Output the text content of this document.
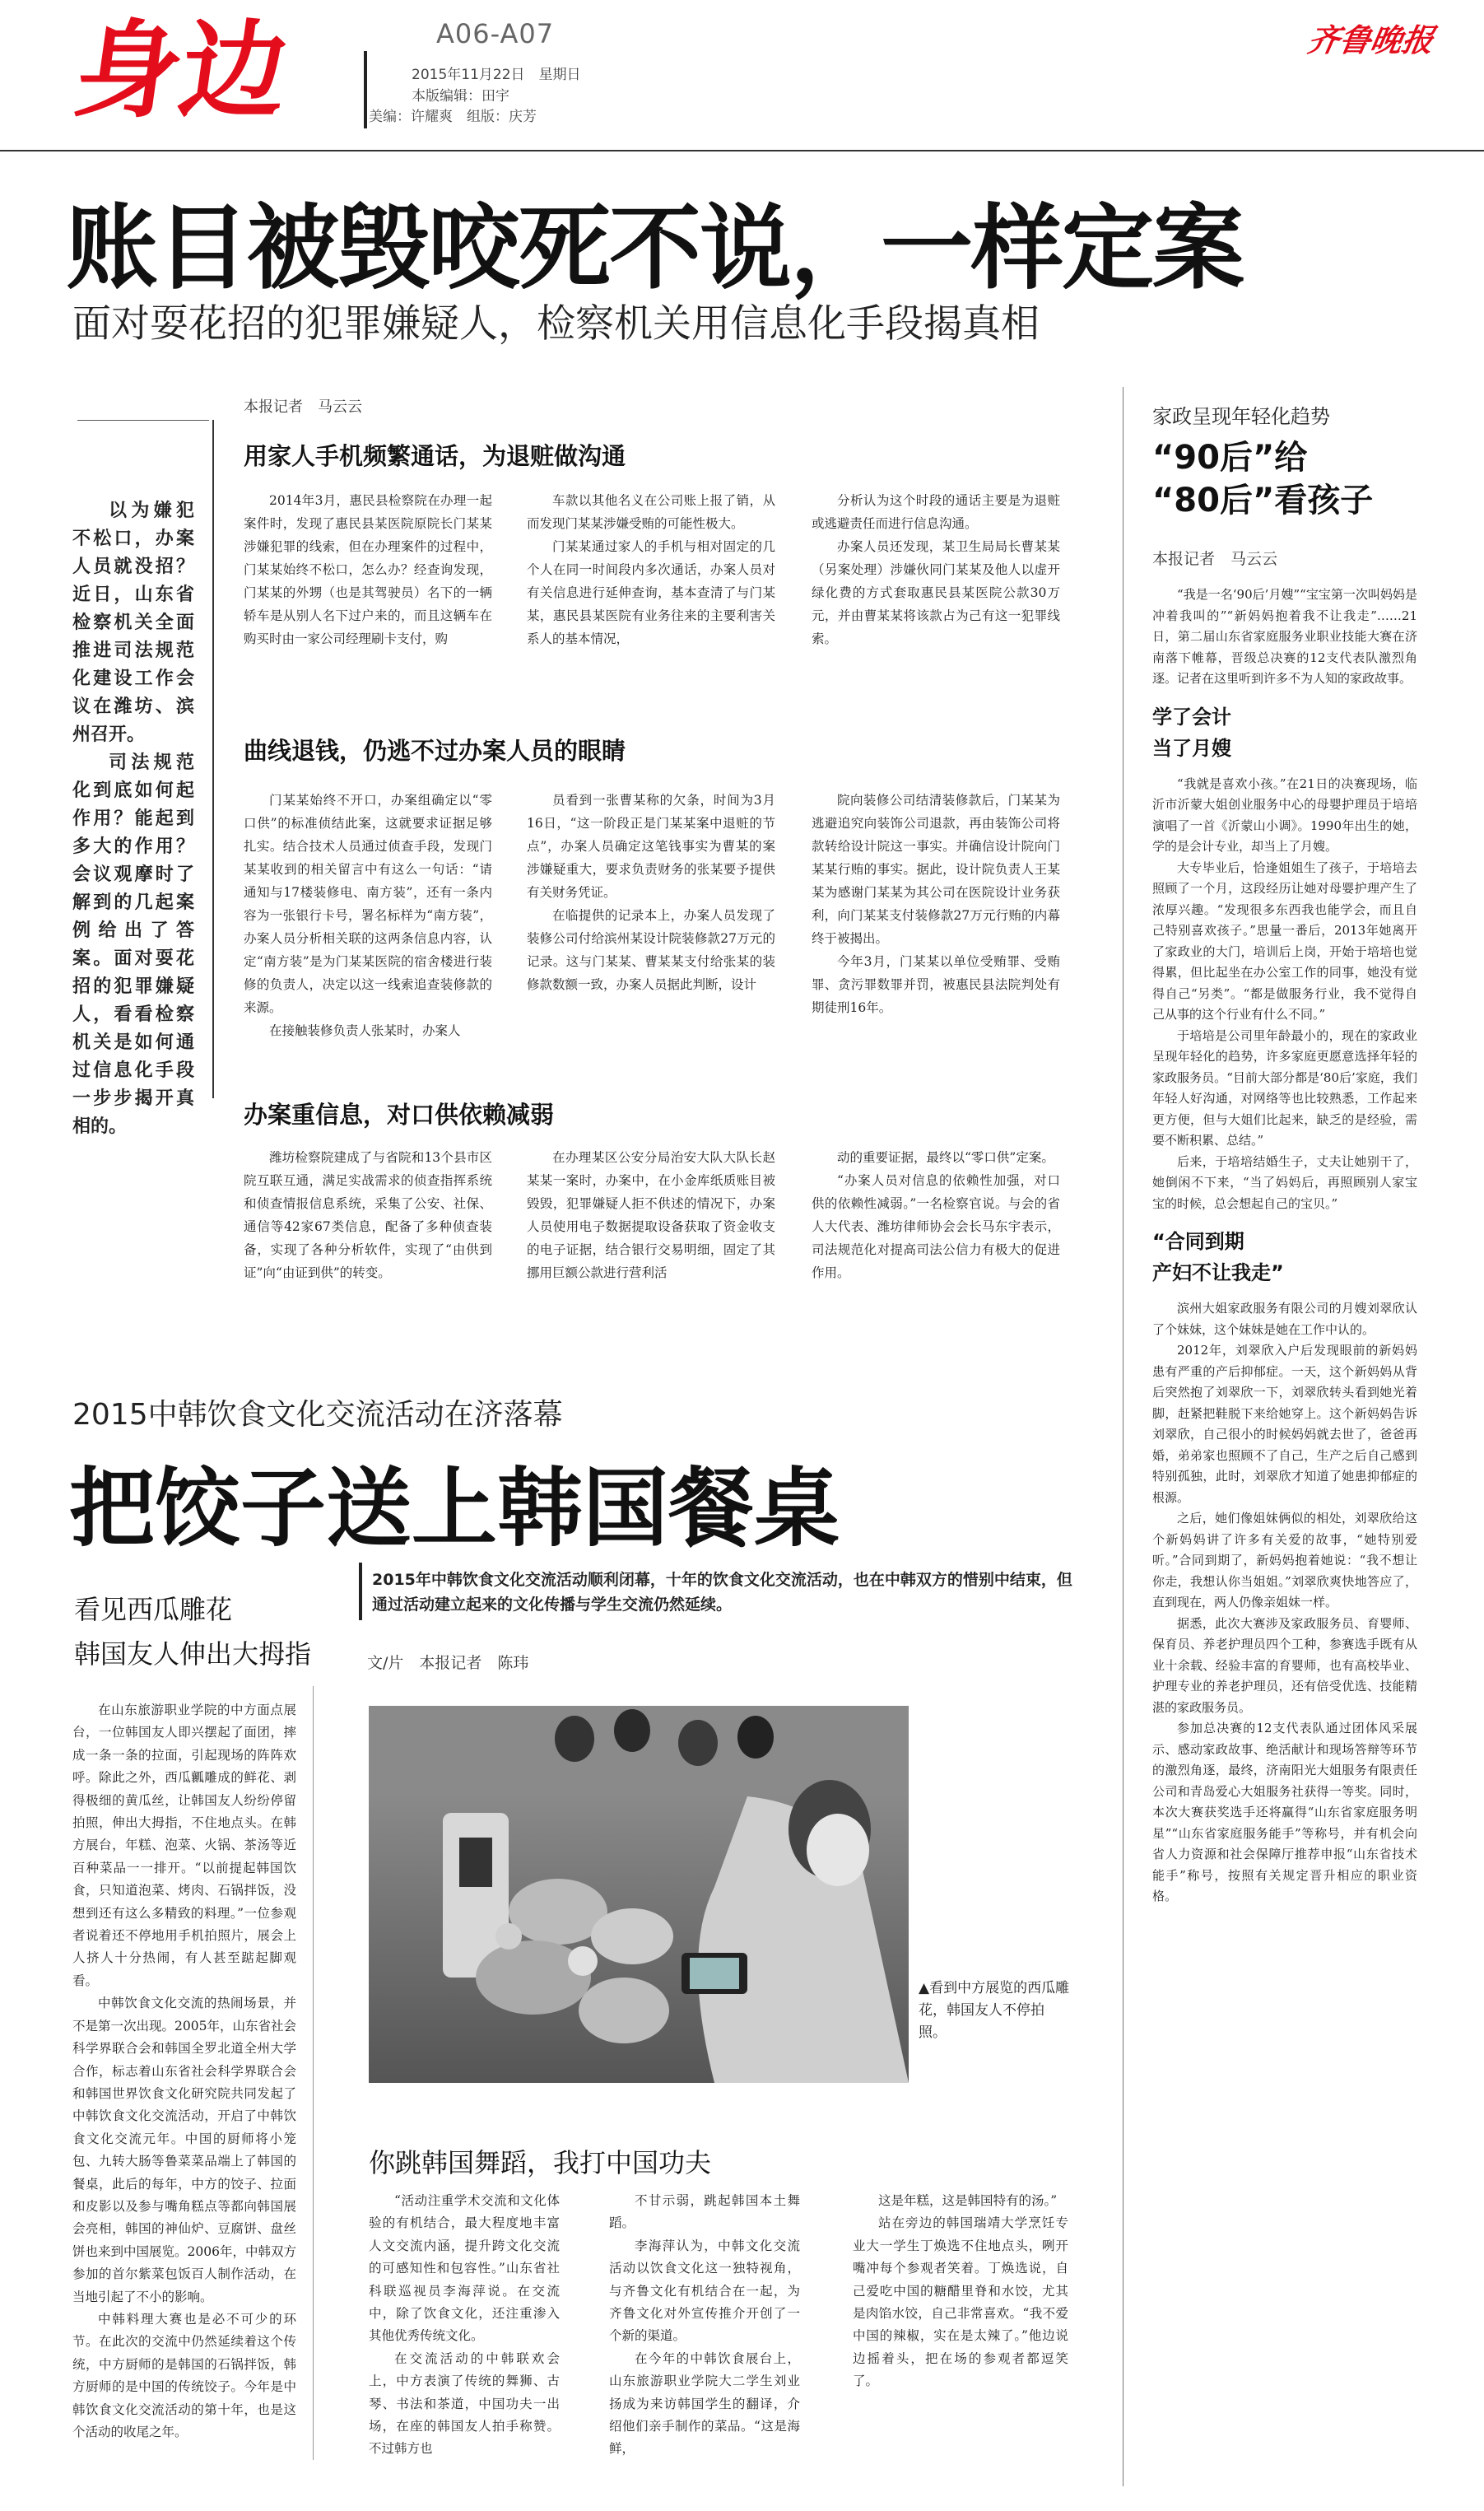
身边	A06-A07
2015年11月22日　星期日
本版编辑：田宇
美编：许耀爽　组版：庆芳
齐鲁晚报
账目被毁咬死不说，一样定案
面对耍花招的犯罪嫌疑人，检察机关用信息化手段揭真相
本报记者　马云云

以为嫌犯不松口，办案人员就没招？近日，山东省检察机关全面推进司法规范化建设工作会议在潍坊、滨州召开。

司法规范化到底如何起作用？能起到多大的作用？会议观摩时了解到的几起案例给出了答案。面对耍花招的犯罪嫌疑人，看看检察机关是如何通过信息化手段一步步揭开真相的。

用家人手机频繁通话，为退赃做沟通

2014年3月，惠民县检察院在办理一起案件时，发现了惠民县某医院原院长门某某涉嫌犯罪的线索，但在办理案件的过程中，门某某始终不松口，怎么办？经查询发现，门某某的外甥（也是其驾驶员）名下的一辆轿车是从别人名下过户来的，而且这辆车在购买时由一家公司经理刷卡支付，购

车款以其他名义在公司账上报了销，从而发现门某某涉嫌受贿的可能性极大。

门某某通过家人的手机与相对固定的几个人在同一时间段内多次通话，办案人员对有关信息进行延伸查询，基本查清了与门某某，惠民县某医院有业务往来的主要利害关系人的基本情况，

分析认为这个时段的通话主要是为退赃或逃避责任而进行信息沟通。

办案人员还发现，某卫生局局长曹某某（另案处理）涉嫌伙同门某某及他人以虚开绿化费的方式套取惠民县某医院公款30万元，并由曹某某将该款占为己有这一犯罪线索。

曲线退钱，仍逃不过办案人员的眼睛

门某某始终不开口，办案组确定以“零口供”的标准侦结此案，这就要求证据足够扎实。结合技术人员通过侦查手段，发现门某某收到的相关留言中有这么一句话：“请通知与17楼装修电、南方装”，还有一条内容为一张银行卡号，署名标样为“南方装”，办案人员分析相关联的这两条信息内容，认定“南方装”是为门某某医院的宿舍楼进行装修的负责人，决定以这一线索追查装修款的来源。

在接触装修负责人张某时，办案人

员看到一张曹某称的欠条，时间为3月16日，“这一阶段正是门某某案中退赃的节点”，办案人员确定这笔钱事实为曹某的案涉嫌疑重大，要求负责财务的张某要予提供有关财务凭证。

在临提供的记录本上，办案人员发现了装修公司付给滨州某设计院装修款27万元的记录。这与门某某、曹某某支付给张某的装修款数额一致，办案人员据此判断，设计

院向装修公司结清装修款后，门某某为逃避追究向装饰公司退款，再由装饰公司将款转给设计院这一事实。并确信设计院向门某某行贿的事实。据此，设计院负责人王某某为感谢门某某为其公司在医院设计业务获利，向门某某支付装修款27万元行贿的内幕终于被揭出。

今年3月，门某某以单位受贿罪、受贿罪、贪污罪数罪并罚，被惠民县法院判处有期徒刑16年。

办案重信息，对口供依赖减弱

潍坊检察院建成了与省院和13个县市区院互联互通，满足实战需求的侦查指挥系统和侦查情报信息系统，采集了公安、社保、通信等42家67类信息，配备了多种侦查装备，实现了各种分析软件，实现了“由供到证”向“由证到供”的转变。

在办理某区公安分局治安大队大队长赵某某一案时，办案中，在小金库纸质账目被毁毁，犯罪嫌疑人拒不供述的情况下，办案人员使用电子数据提取设备获取了资金收支的电子证据，结合银行交易明细，固定了其挪用巨额公款进行营利活

动的重要证据，最终以“零口供”定案。

“办案人员对信息的依赖性加强，对口供的依赖性减弱。”一名检察官说。与会的省人大代表、潍坊律师协会会长马东宇表示，司法规范化对提高司法公信力有极大的促进作用。

2015中韩饮食文化交流活动在济落幕
把饺子送上韩国餐桌
看见西瓜雕花
韩国友人伸出大拇指
2015年中韩饮食文化交流活动顺利闭幕，十年的饮食文化交流活动，也在中韩双方的惜别中结束，但通过活动建立起来的文化传播与学生交流仍然延续。
文/片　本报记者　陈玮

在山东旅游职业学院的中方面点展台，一位韩国友人即兴摆起了面团，摔成一条一条的拉面，引起现场的阵阵欢呼。除此之外，西瓜瓤雕成的鲜花、剥得极细的黄瓜丝，让韩国友人纷纷停留拍照，伸出大拇指，不住地点头。在韩方展台，年糕、泡菜、火锅、茶汤等近百种菜品一一排开。“以前提起韩国饮食，只知道泡菜、烤肉、石锅拌饭，没想到还有这么多精致的料理。”一位参观者说着还不停地用手机拍照片，展会上人挤人十分热闹，有人甚至踮起脚观看。

中韩饮食文化交流的热闹场景，并不是第一次出现。2005年，山东省社会科学界联合会和韩国全罗北道全州大学合作，标志着山东省社会科学界联合会和韩国世界饮食文化研究院共同发起了中韩饮食文化交流活动，开启了中韩饮食文化交流元年。中国的厨师将小笼包、九转大肠等鲁菜菜品端上了韩国的餐桌，此后的每年，中方的饺子、拉面和皮影以及参与嘴角糕点等都向韩国展会亮相，韩国的神仙炉、豆腐饼、盘丝饼也来到中国展览。2006年，中韩双方参加的首尔紫菜包饭百人制作活动，在当地引起了不小的影响。

中韩料理大赛也是必不可少的环节。在此次的交流中仍然延续着这个传统，中方厨师的是韩国的石锅拌饭，韩方厨师的是中国的传统饺子。今年是中韩饮食文化交流活动的第十年，也是这个活动的收尾之年。

▲看到中方展览的西瓜雕花，韩国友人不停拍照。
你跳韩国舞蹈，我打中国功夫

“活动注重学术交流和文化体验的有机结合，最大程度地丰富人文交流内涵，提升跨文化交流的可感知性和包容性。”山东省社科联巡视员李海萍说。在交流中，除了饮食文化，还注重渗入其他优秀传统文化。

在交流活动的中韩联欢会上，中方表演了传统的舞狮、古琴、书法和茶道，中国功夫一出场，在座的韩国友人拍手称赞。不过韩方也

不甘示弱，跳起韩国本土舞蹈。

李海萍认为，中韩文化交流活动以饮食文化这一独特视角，与齐鲁文化有机结合在一起，为齐鲁文化对外宣传推介开创了一个新的渠道。

在今年的中韩饮食展台上，山东旅游职业学院大二学生刘业扬成为来访韩国学生的翻译，介绍他们亲手制作的菜品。“这是海鲜，

这是年糕，这是韩国特有的汤。”

站在旁边的韩国瑞靖大学烹饪专业大一学生丁焕选不住地点头，咧开嘴冲每个参观者笑着。丁焕选说，自己爱吃中国的糖醋里脊和水饺，尤其是肉馅水饺，自己非常喜欢。“我不爱中国的辣椒，实在是太辣了。”他边说边摇着头，把在场的参观者都逗笑了。

家政呈现年轻化趋势
“90后”给
“80后”看孩子
本报记者　马云云

“我是一名‘90后’月嫂”“宝宝第一次叫妈妈是冲着我叫的”“新妈妈抱着我不让我走”……21日，第二届山东省家庭服务业职业技能大赛在济南落下帷幕，晋级总决赛的12支代表队激烈角逐。记者在这里听到许多不为人知的家政故事。

学了会计
当了月嫂

“我就是喜欢小孩。”在21日的决赛现场，临沂市沂蒙大姐创业服务中心的母婴护理员于培培演唱了一首《沂蒙山小调》。1990年出生的她，学的是会计专业，却当上了月嫂。

大专毕业后，恰逢姐姐生了孩子，于培培去照顾了一个月，这段经历让她对母婴护理产生了浓厚兴趣。“发现很多东西我也能学会，而且自己特别喜欢孩子。”思量一番后，2013年她离开了家政业的大门，培训后上岗，开始于培培也觉得累，但比起坐在办公室工作的同事，她没有觉得自己“另类”。“都是做服务行业，我不觉得自己从事的这个行业有什么不同。”

于培培是公司里年龄最小的，现在的家政业呈现年轻化的趋势，许多家庭更愿意选择年轻的家政服务员。“目前大部分都是‘80后’家庭，我们年轻人好沟通，对网络等也比较熟悉，工作起来更方便，但与大姐们比起来，缺乏的是经验，需要不断积累、总结。”

后来，于培培结婚生子，丈夫让她别干了，她倒闲不下来，“当了妈妈后，再照顾别人家宝宝的时候，总会想起自己的宝贝。”

“合同到期
产妇不让我走”

滨州大姐家政服务有限公司的月嫂刘翠欣认了个妹妹，这个妹妹是她在工作中认的。

2012年，刘翠欣入户后发现眼前的新妈妈患有严重的产后抑郁症。一天，这个新妈妈从背后突然抱了刘翠欣一下，刘翠欣转头看到她光着脚，赶紧把鞋脱下来给她穿上。这个新妈妈告诉刘翠欣，自己很小的时候妈妈就去世了，爸爸再婚，弟弟家也照顾不了自己，生产之后自己感到特别孤独，此时，刘翠欣才知道了她患抑郁症的根源。

之后，她们像姐妹俩似的相处，刘翠欣给这个新妈妈讲了许多有关爱的故事，“她特别爱听。”合同到期了，新妈妈抱着她说：“我不想让你走，我想认你当姐姐。”刘翠欣爽快地答应了，直到现在，两人仍像亲姐妹一样。

据悉，此次大赛涉及家政服务员、育婴师、保育员、养老护理员四个工种，参赛选手既有从业十余载、经验丰富的育婴师，也有高校毕业、护理专业的养老护理员，还有倍受优选、技能精湛的家政服务员。

参加总决赛的12支代表队通过团体风采展示、感动家政故事、绝活献计和现场答辩等环节的激烈角逐，最终，济南阳光大姐服务有限责任公司和青岛爱心大姐服务社获得一等奖。同时，本次大赛获奖选手还将赢得“山东省家庭服务明星”“山东省家庭服务能手”等称号，并有机会向省人力资源和社会保障厅推荐申报“山东省技术能手”称号，按照有关规定晋升相应的职业资格。
